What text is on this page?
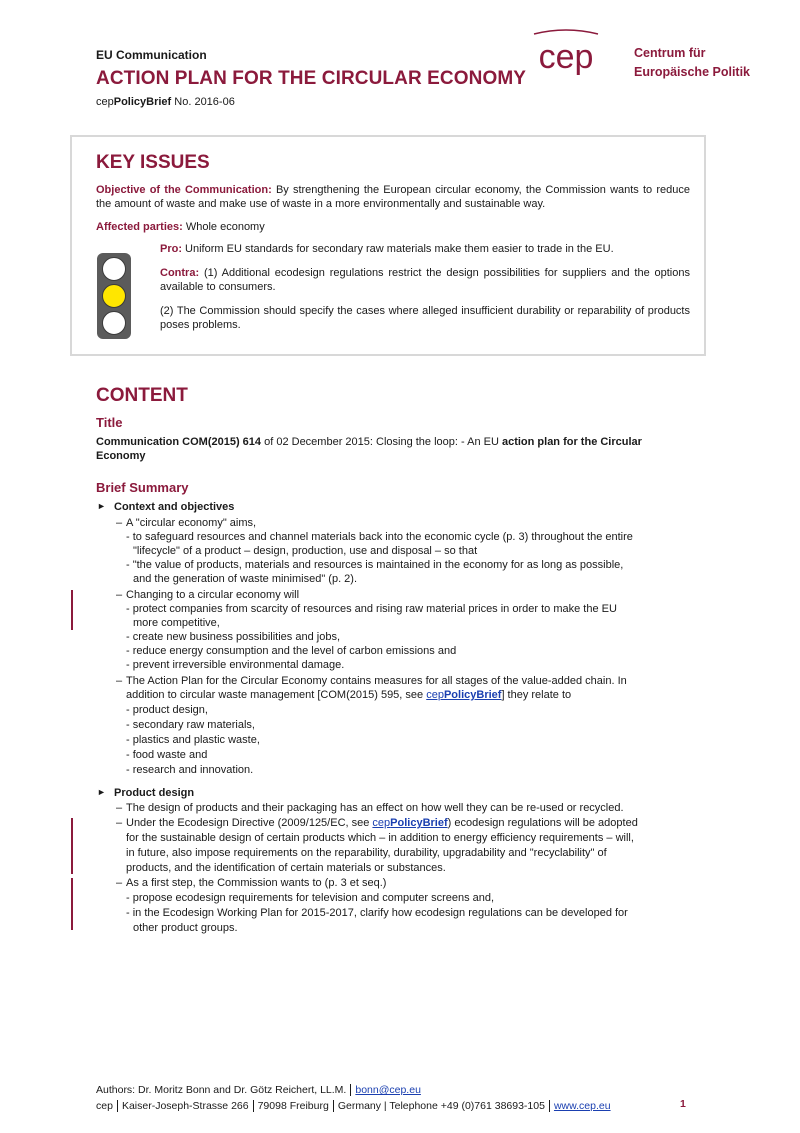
EU Communication
ACTION PLAN FOR THE CIRCULAR ECONOMY
cepPolicyBrief No. 2016-06
cep	Centrum für
Europäische Politik
KEY ISSUES
Objective of the Communication: By strengthening the European circular economy, the Commission wants to reduce the amount of waste and make use of waste in a more environmentally and sustainable way.
Affected parties: Whole economy
Pro: Uniform EU standards for secondary raw materials make them easier to trade in the EU.
Contra: (1) Additional ecodesign regulations restrict the design possibilities for suppliers and the options available to consumers.
(2) The Commission should specify the cases where alleged insufficient durability or reparability of products poses problems.
CONTENT
Title
Communication COM(2015) 614 of 02 December 2015: Closing the loop: - An EU action plan for the Circular
Economy
Brief Summary
► Context and objectives
– A "circular economy" aims,
- to safeguard resources and channel materials back into the economic cycle (p. 3) throughout the entire
"lifecycle" of a product – design, production, use and disposal – so that
- "the value of products, materials and resources is maintained in the economy for as long as possible,
and the generation of waste minimised" (p. 2).
– Changing to a circular economy will
- protect companies from scarcity of resources and rising raw material prices in order to make the EU
more competitive,
- create new business possibilities and jobs,
- reduce energy consumption and the level of carbon emissions and
- prevent irreversible environmental damage.
– The Action Plan for the Circular Economy contains measures for all stages of the value-added chain. In
addition to circular waste management [COM(2015) 595, see cepPolicyBrief] they relate to
- product design,
- secondary raw materials,
- plastics and plastic waste,
- food waste and
- research and innovation.
► Product design
– The design of products and their packaging has an effect on how well they can be re-used or recycled.
– Under the Ecodesign Directive (2009/125/EC, see cepPolicyBrief) ecodesign regulations will be adopted
for the sustainable design of certain products which – in addition to energy efficiency requirements – will,
in future, also impose requirements on the reparability, durability, upgradability and "recyclability" of
products, and the identification of certain materials or substances.
– As a first step, the Commission wants to (p. 3 et seq.)
- propose ecodesign requirements for television and computer screens and,
- in the Ecodesign Working Plan for 2015-2017, clarify how ecodesign regulations can be developed for
other product groups.
Authors: Dr. Moritz Bonn and Dr. Götz Reichert, LL.M. bonn@cep.eu
cep Kaiser-Joseph-Strasse 266 79098 Freiburg Germany | Telephone +49 (0)761 38693-105 www.cep.eu	1
